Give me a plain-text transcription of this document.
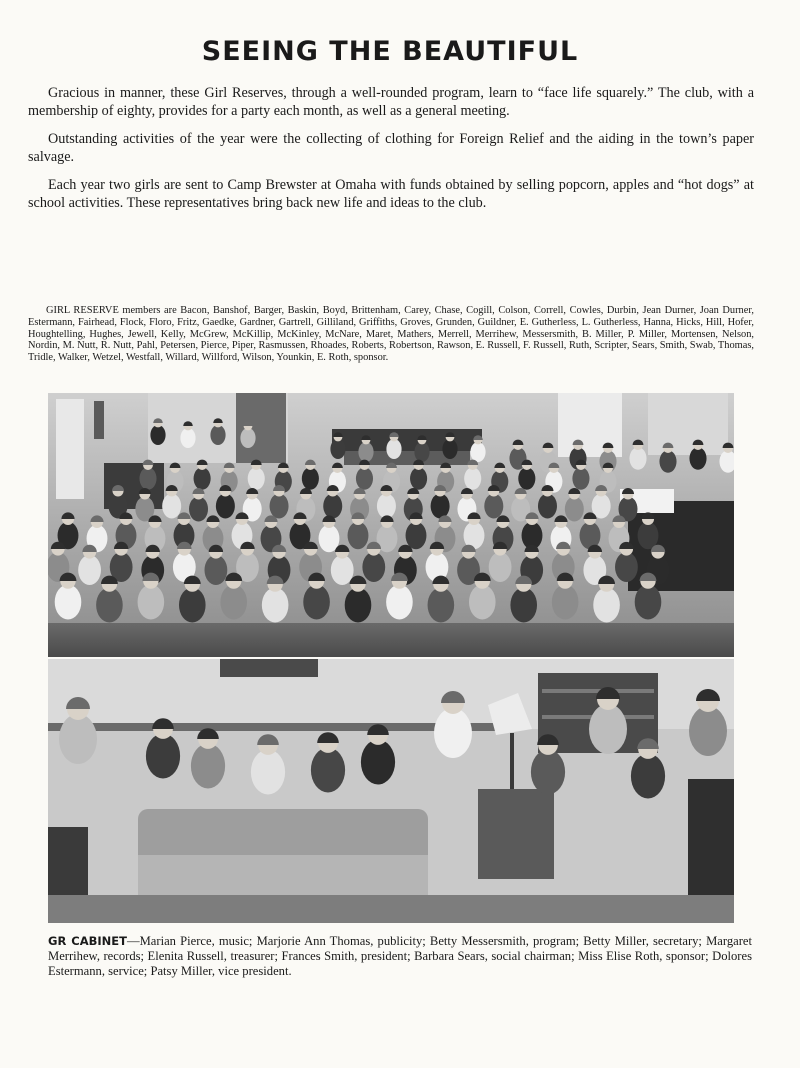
SEEING THE BEAUTIFUL

Gracious in manner, these Girl Reserves, through a well-rounded program, learn to “face life squarely.” The club, with a membership of eighty, provides for a party each month, as well as a general meeting.

Outstanding activities of the year were the collecting of clothing for Foreign Relief and the aiding in the town’s paper salvage.

Each year two girls are sent to Camp Brewster at Omaha with funds obtained by selling popcorn, apples and “hot dogs” at school activities. These representatives bring back new life and ideas to the club.

GIRL RESERVE members are Bacon, Banshof, Barger, Baskin, Boyd, Brittenham, Carey, Chase, Cogill, Colson, Correll, Cowles, Durbin, Jean Durner, Joan Durner, Estermann, Fairhead, Flock, Floro, Fritz, Gaedke, Gardner, Gartrell, Gilliland, Griffiths, Groves, Grunden, Guildner, E. Gutherless, L. Gutherless, Hanna, Hicks, Hill, Hofer, Houghtelling, Hughes, Jewell, Kelly, McGrew, McKillip, McKinley, McNare, Maret, Mathers, Merrell, Merrihew, Messersmith, B. Miller, P. Miller, Mortensen, Nelson, Nordin, M. Nutt, R. Nutt, Pahl, Petersen, Pierce, Piper, Rasmussen, Rhoades, Roberts, Robertson, Rawson, E. Russell, F. Russell, Ruth, Scripter, Sears, Smith, Swab, Thomas, Tridle, Walker, Wetzel, Westfall, Willard, Willford, Wilson, Younkin, E. Roth, sponsor.
GR CABINET—Marian Pierce, music; Marjorie Ann Thomas, publicity; Betty Messersmith, program; Betty Miller, secretary; Margaret Merrihew, records; Elenita Russell, treasurer; Frances Smith, president; Barbara Sears, social chairman; Miss Elise Roth, sponsor; Dolores Estermann, service; Patsy Miller, vice president.
